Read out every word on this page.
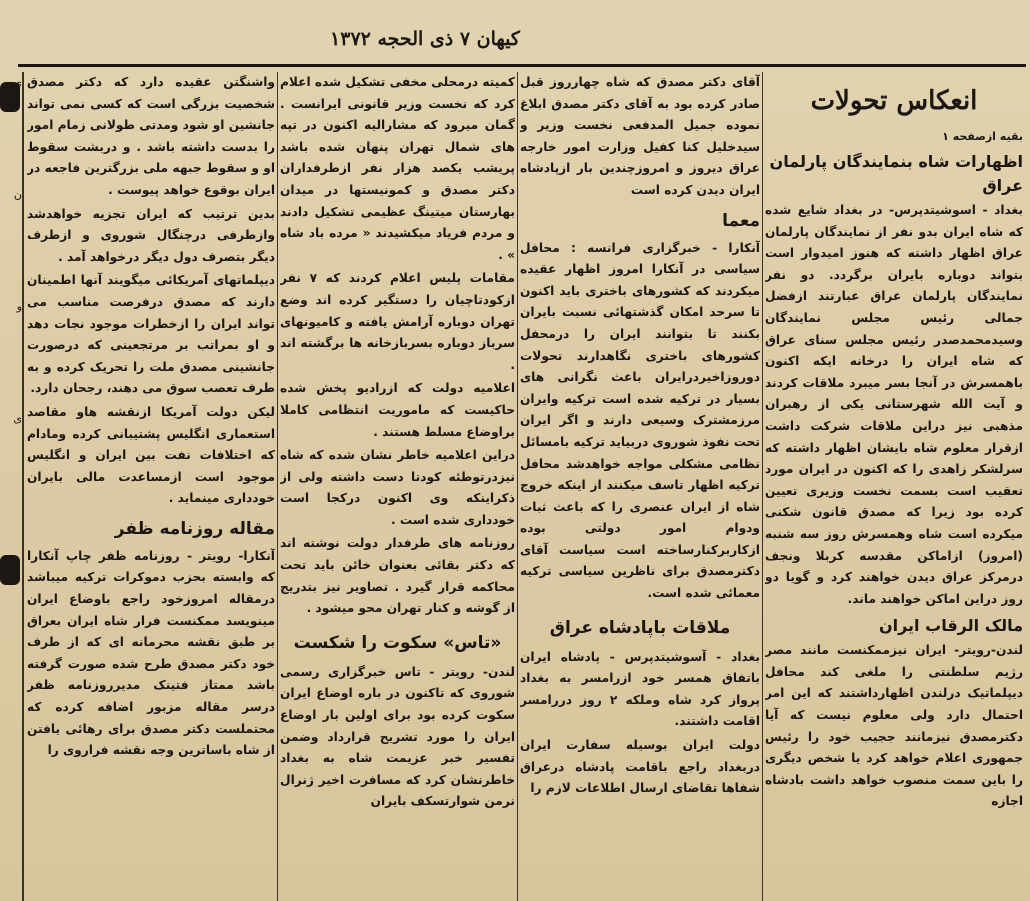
کیهان ۷ ذی الحجه ۱۳۷۲
ی
ن
و
ی
انعکاس تحولات

بقیه ازصفحه ۱

اظهارات شاه بنمایندگان پارلمان عراق

بغداد - اسوشیتدپرس- در بغداد شایع شده که شاه ایران بدو نفر از نمایندگان پارلمان عراق اظهار داشته که هنوز امیدوار است بتواند دوباره بایران برگردد. دو نفر نمایندگان پارلمان عراق عبارتند ازفضل جمالی رئیس مجلس نمایندگان وسیدمحمدصدر رئیس مجلس سنای عراق که شاه ایران را درخانه ایکه اکنون باهمسرش در آنجا بسر میبرد ملاقات کردند و آیت الله شهرستانی یکی از رهبران مذهبی نیز دراین ملاقات شرکت داشت ازقرار معلوم شاه بایشان اظهار داشته که سرلشکر زاهدی را که اکنون در ایران مورد تعقیب است بسمت نخست وزیری تعیین کرده بود زیرا که مصدق قانون شکنی میکرده است شاه وهمسرش روز سه شنبه (امروز) ازاماکن مقدسه کربلا ونجف درمرکز عراق دیدن خواهند کرد و گویا دو روز دراین اماکن خواهند ماند.

مالک الرقاب ایران

لندن-رویتر- ایران نیزممکنست مانند مصر رژیم سلطنتی را ملغی کند محافل دیپلماتیک درلندن اظهارداشتند که این امر احتمال دارد ولی معلوم نیست که آیا دکترمصدق نیزمانند ججیب خود را رئیس جمهوری اعلام خواهد کرد یا شخص دیگری را باین سمت منصوب خواهد داشت بادشاه اجازه

آقای دکتر مصدق که شاه چهارروز قبل صادر کرده بود به آقای دکتر مصدق ابلاغ نموده جمیل المدفعی نخست وزیر و سیدخلیل کنا کفیل وزارت امور خارجه عراق دیروز و امروزچندین بار ازپادشاه ایران دیدن کرده است

معما

آنکارا - خبرگزاری فرانسه : محافل سیاسی در آنکارا امروز اظهار عقیده میکردند که کشورهای باختری باید اکنون تا سرحد امکان گذشتهائی نسبت بایران بکنند تا بتوانند ایران را درمحفل کشورهای باختری نگاهدارند تحولات دوروزاخیردرایران باعث نگرانی های بسیار در ترکیه شده است ترکیه وایران مرزمشترک وسیعی دارند و اگر ایران تحت نفوذ شوروی دربیاید ترکیه بامسائل نظامی مشکلی مواجه خواهدشد محافل ترکیه اظهار تاسف میکنند از اینکه خروج شاه از ایران عنصری را که باعث ثبات ودوام امور دولتی بوده ازکاربرکنارساخته است سیاست آقای دکترمصدق برای ناظرین سیاسی ترکیه معمائی شده است.

ملاقات باپادشاه عراق

بغداد - آسوشیتدپرس - پادشاه ایران باتفاق همسر خود ازرامسر به بغداد پرواز کرد شاه وملکه ۲ روز دررامسر اقامت داشتند.

دولت ایران بوسیله سفارت ایران دربغداد راجع باقامت پادشاه درعراق شفاها تقاضای ارسال اطلاعات لازم را

کمیته درمحلی مخفی تشکیل شده اعلام کرد که نخست وزیر قانونی ایرانست . گمان میرود که مشارالیه اکنون در تپه های شمال تهران پنهان شده باشد پریشب یکصد هزار نفر ازطرفداران دکتر مصدق و کمونیستها در میدان بهارستان میتینگ عظیمی تشکیل دادند و مردم فریاد میکشیدند « مرده باد شاه » .

مقامات پلیس اعلام کردند که ۷ نفر ازکودتاچیان را دستگیر کرده اند وضع تهران دوباره آرامش یافته و کامیونهای سرباز دوباره بسربازخانه ها برگشته اند .

اعلامیه دولت که ازرادیو پخش شده حاکیست که ماموریت انتظامی کاملا براوضاع مسلط هستند .

دراین اعلامیه خاطر نشان شده که شاه نیزدرتوطئه کودتا دست داشته ولی از ذکراینکه وی اکنون درکجا است خودداری شده است .

روزنامه های طرفدار دولت نوشته اند که دکتر بقائی بعنوان خائن باید تحت محاکمه قرار گیرد . تصاویر نیز بتدریج از گوشه و کنار تهران محو میشود .

«تاس» سکوت را شکست

لندن- رویتر - تاس خبرگزاری رسمی شوروی که تاکنون در باره اوضاع ایران سکوت کرده بود برای اولین بار اوضاع ایران را مورد تشریح قرارداد وضمن تفسیر خبر عزیمت شاه به بغداد خاطرنشان کرد که مسافرت اخیر ژنرال نرمن شوارتسکف بایران

واشنگتن عقیده دارد که دکتر مصدق شخصیت بزرگی است که کسی نمی تواند جانشین او شود ومدتی طولانی زمام امور را بدست داشته باشد . و دربشت سقوط او و سقوط جبهه ملی بزرگترین فاجعه در ایران بوقوع خواهد پیوست .

بدین ترتیب که ایران تجزیه خواهدشد وازطرفی درچنگال شوروی و ازطرف دیگر بتصرف دول دیگر درخواهد آمد .

دیپلماتهای آمریکائی میگویند آنها اطمینان دارند که مصدق درفرصت مناسب می تواند ایران را ازخطرات موجود نجات دهد و او بمراتب بر مرتجعینی که درصورت جانشینی مصدق ملت را تحریک کرده و به طرف تعصب سوق می دهند، رجحان دارد.

لیکن دولت آمریکا ازنقشه هاو مقاصد استعماری انگلیس پشتیبانی کرده ومادام که اختلافات نفت بین ایران و انگلیس موجود است ازمساعدت مالی بایران خودداری مینماید .

مقاله روزنامه ظفر

آنکارا- رویتر - روزنامه ظفر چاپ آنکارا که وابسته بحزب دموکرات ترکیه میباشد درمقاله امروزخود راجع باوضاع ایران مینویسد ممکنست فرار شاه ایران بعراق بر طبق نقشه محرمانه ای که از طرف خود دکتر مصدق طرح شده صورت گرفته باشد ممتاز فتینک مدیرروزنامه ظفر درسر مقاله مزبور اضافه کرده که محتملست دکتر مصدق برای رهائی یافتن از شاه باساترین وجه نقشه فراروی را
